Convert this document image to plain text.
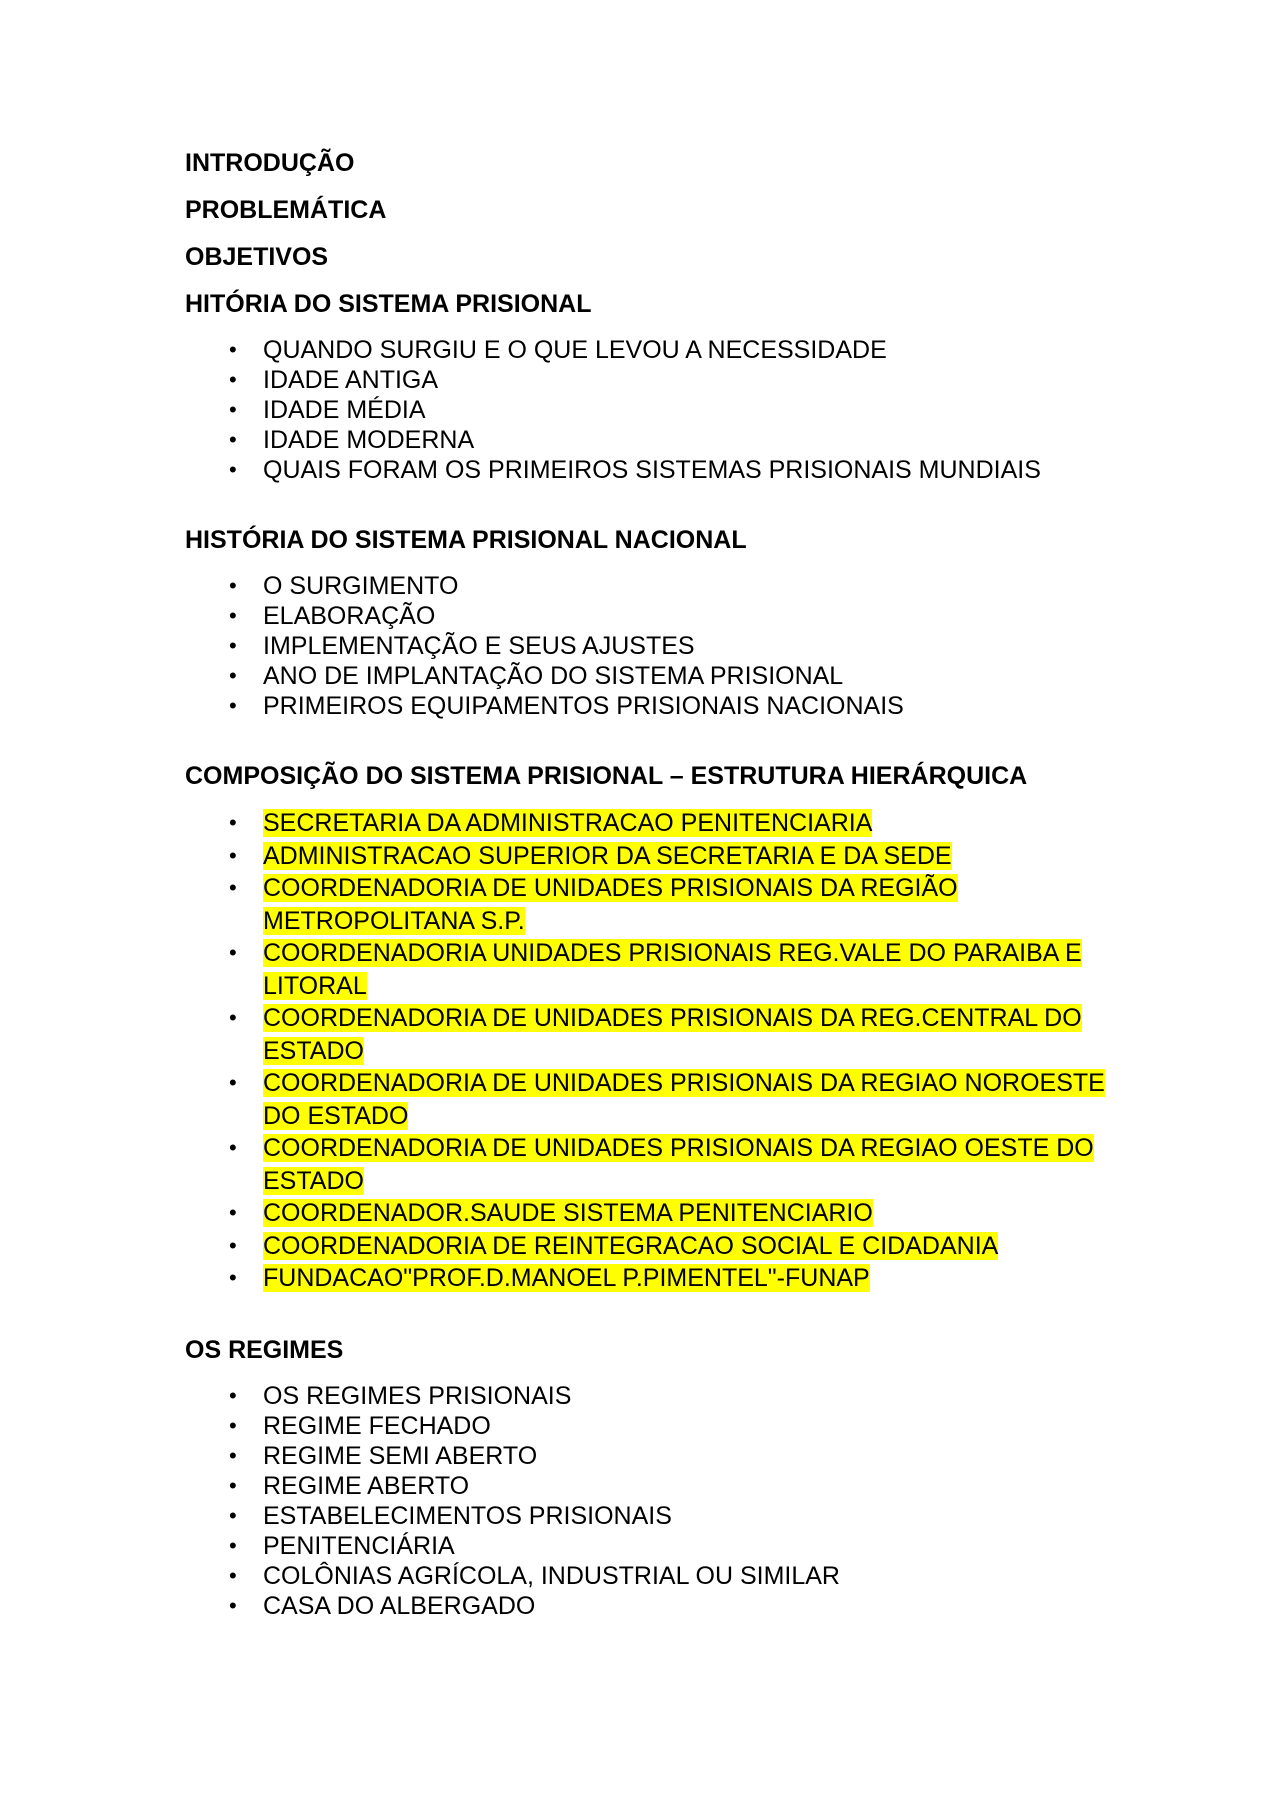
INTRODUÇÃO

PROBLEMÁTICA

OBJETIVOS

HITÓRIA DO SISTEMA PRISIONAL

• QUANDO SURGIU E O QUE LEVOU A NECESSIDADE
• IDADE ANTIGA
• IDADE MÉDIA
• IDADE MODERNA
• QUAIS FORAM OS PRIMEIROS SISTEMAS PRISIONAIS MUNDIAIS

HISTÓRIA DO SISTEMA PRISIONAL NACIONAL

• O SURGIMENTO
• ELABORAÇÃO
• IMPLEMENTAÇÃO E SEUS AJUSTES
• ANO DE IMPLANTAÇÃO DO SISTEMA PRISIONAL
• PRIMEIROS EQUIPAMENTOS PRISIONAIS NACIONAIS

COMPOSIÇÃO DO SISTEMA PRISIONAL – ESTRUTURA HIERÁRQUICA

• SECRETARIA DA ADMINISTRACAO PENITENCIARIA
• ADMINISTRACAO SUPERIOR DA SECRETARIA E DA SEDE
• COORDENADORIA DE UNIDADES PRISIONAIS DA REGIÃO METROPOLITANA S.P.
• COORDENADORIA UNIDADES PRISIONAIS REG.VALE DO PARAIBA E LITORAL
• COORDENADORIA DE UNIDADES PRISIONAIS DA REG.CENTRAL DO ESTADO
• COORDENADORIA DE UNIDADES PRISIONAIS DA REGIAO NOROESTE DO ESTADO
• COORDENADORIA DE UNIDADES PRISIONAIS DA REGIAO OESTE DO ESTADO
• COORDENADOR.SAUDE SISTEMA PENITENCIARIO
• COORDENADORIA DE REINTEGRACAO SOCIAL E CIDADANIA
• FUNDACAO"PROF.D.MANOEL P.PIMENTEL"-FUNAP

OS REGIMES

• OS REGIMES PRISIONAIS
• REGIME FECHADO
• REGIME SEMI ABERTO
• REGIME ABERTO
• ESTABELECIMENTOS PRISIONAIS
• PENITENCIÁRIA
• COLÔNIAS AGRÍCOLA, INDUSTRIAL OU SIMILAR
• CASA DO ALBERGADO
